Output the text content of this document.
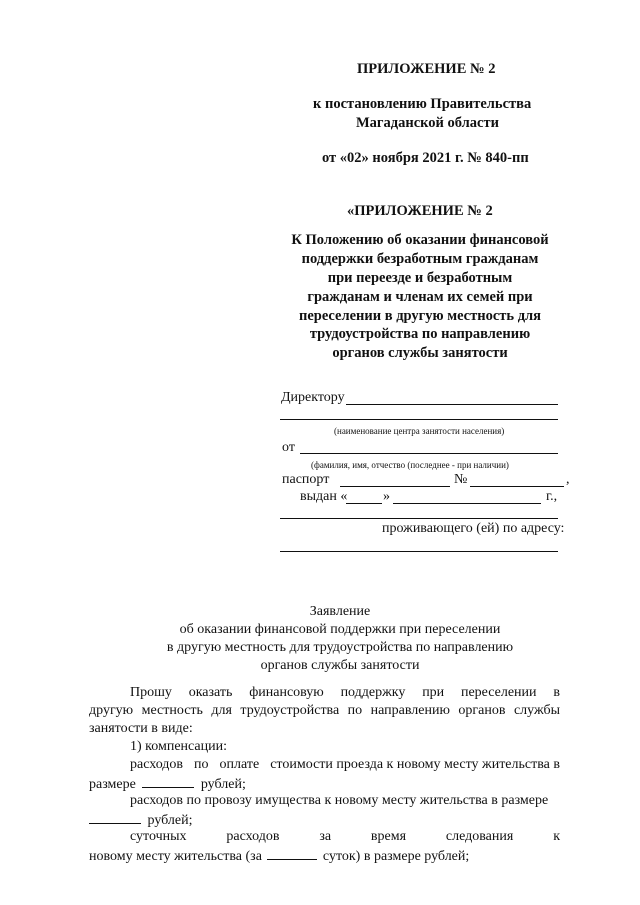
ПРИЛОЖЕНИЕ № 2
к постановлению Правительства
Магаданской области
от «02» ноября 2021 г. № 840-пп
«ПРИЛОЖЕНИЕ № 2
К Положению об оказании финансовой
поддержки безработным гражданам
при переезде и безработным
гражданам и членам их семей при
переселении в другую местность для
трудоустройства по направлению
органов службы занятости
Директору
(наименование центра занятости населения)
от
(фамилия, имя, отчество (последнее - при наличии)
паспорт	№	,
выдан «	»	г.,
проживающего (ей) по адресу:
Заявление
об оказании финансовой поддержки при переселении
в другую местность для трудоустройства по направлению
органов службы занятости
Прошу оказать финансовую поддержку при переселении в
другую местность для трудоустройства по направлению органов службы
занятости в виде:
1) компенсации:
расходов по оплате стоимости проезда к новому месту жительства в
размере	рублей;
расходов по провозу имущества к новому месту жительства в размере
рублей;
суточных	расходов	за	время	следования	к
новому месту жительства (за	суток) в размере рублей;
